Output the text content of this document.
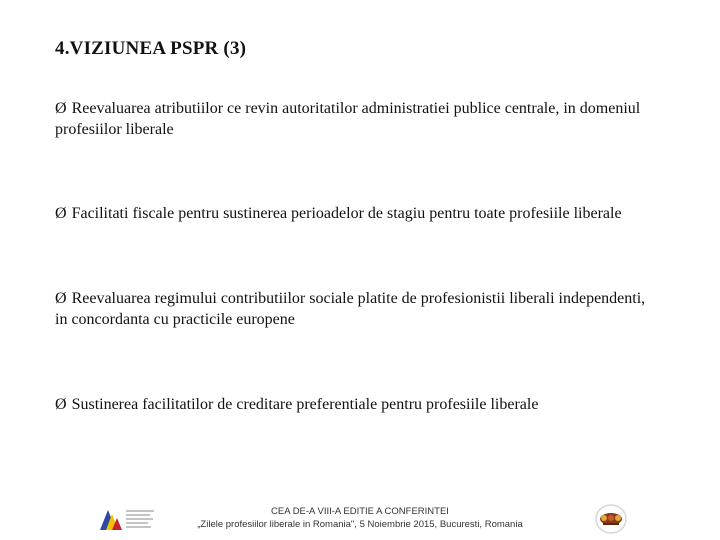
4.VIZIUNEA PSPR (3)
Ø Reevaluarea atributiilor ce revin autoritatilor administratiei publice centrale, in domeniul profesiilor liberale
Ø Facilitati fiscale pentru sustinerea perioadelor de stagiu pentru toate profesiile liberale
Ø Reevaluarea regimului contributiilor sociale platite de profesionistii liberali independenti, in concordanta cu practicile europene
Ø Sustinerea facilitatilor de creditare preferentiale pentru profesiile liberale
CEA DE-A VIII-A EDITIE A CONFERINTEI
„Zilele profesiilor liberale in Romania", 5 Noiembrie 2015, Bucuresti, Romania
